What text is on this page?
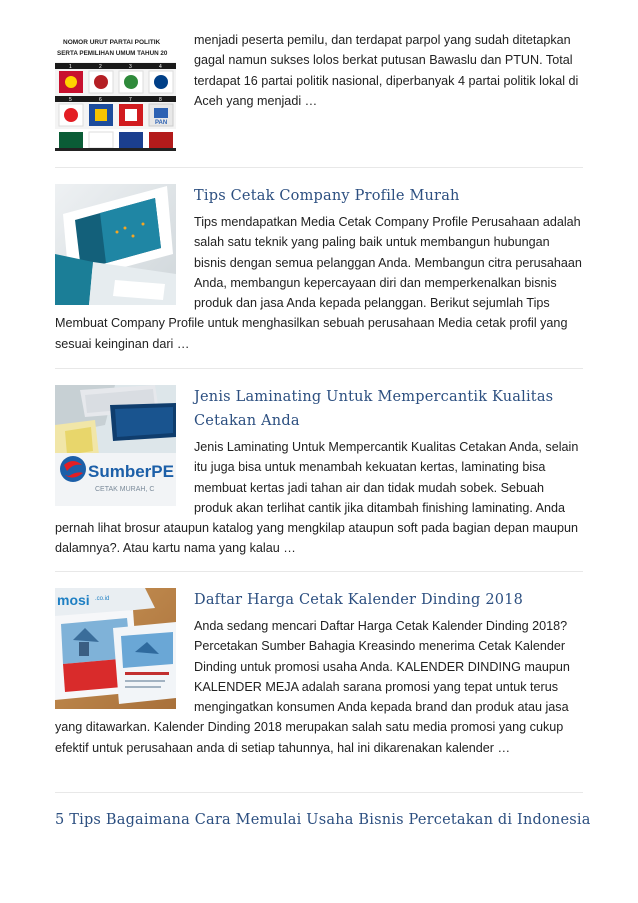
NOMOR URUT PARTAI POLITIK
SERTA PEMILIHAN UMUM TAHUN 20
1	2	3	4
5	6	7	8
PAN

menjadi peserta pemilu, dan terdapat parpol yang sudah ditetapkan gagal namun sukses lolos berkat putusan Bawaslu dan PTUN. Total terdapat 16 partai politik nasional, diperbanyak 4 partai politik lokal di Aceh yang menjadi …

Tips Cetak Company Profile Murah

Tips mendapatkan Media Cetak Company Profile Perusahaan adalah salah satu teknik yang paling baik untuk membangun hubungan bisnis dengan semua pelanggan Anda. Membangun citra perusahaan Anda, membangun kepercayaan diri dan memperkenalkan bisnis produk dan jasa Anda kepada pelanggan. Berikut sejumlah Tips Membuat Company Profile untuk menghasilkan sebuah perusahaan Media cetak profil yang sesuai keinginan dari …

SumberPE
CETAK MURAH, C
Jenis Laminating Untuk Mempercantik Kualitas Cetakan Anda

Jenis Laminating Untuk Mempercantik Kualitas Cetakan Anda, selain itu juga bisa untuk menambah kekuatan kertas, laminating bisa membuat kertas jadi tahan air dan tidak mudah sobek. Sebuah produk akan terlihat cantik jika ditambah finishing laminating. Anda pernah lihat brosur ataupun katalog yang mengkilap ataupun soft pada bagian depan maupun dalamnya?. Atau kartu nama yang kalau …

mosi .co.id	Daftar Harga Cetak Kalender Dinding 2018

Anda sedang mencari Daftar Harga Cetak Kalender Dinding 2018? Percetakan Sumber Bahagia Kreasindo menerima Cetak Kalender Dinding untuk promosi usaha Anda. KALENDER DINDING maupun KALENDER MEJA adalah sarana promosi yang tepat untuk terus mengingatkan konsumen Anda kepada brand dan produk atau jasa yang ditawarkan. Kalender Dinding 2018 merupakan salah satu media promosi yang cukup efektif untuk perusahaan anda di setiap tahunnya, hal ini dikarenakan kalender …

5 Tips Bagaimana Cara Memulai Usaha Bisnis Percetakan di Indonesia
